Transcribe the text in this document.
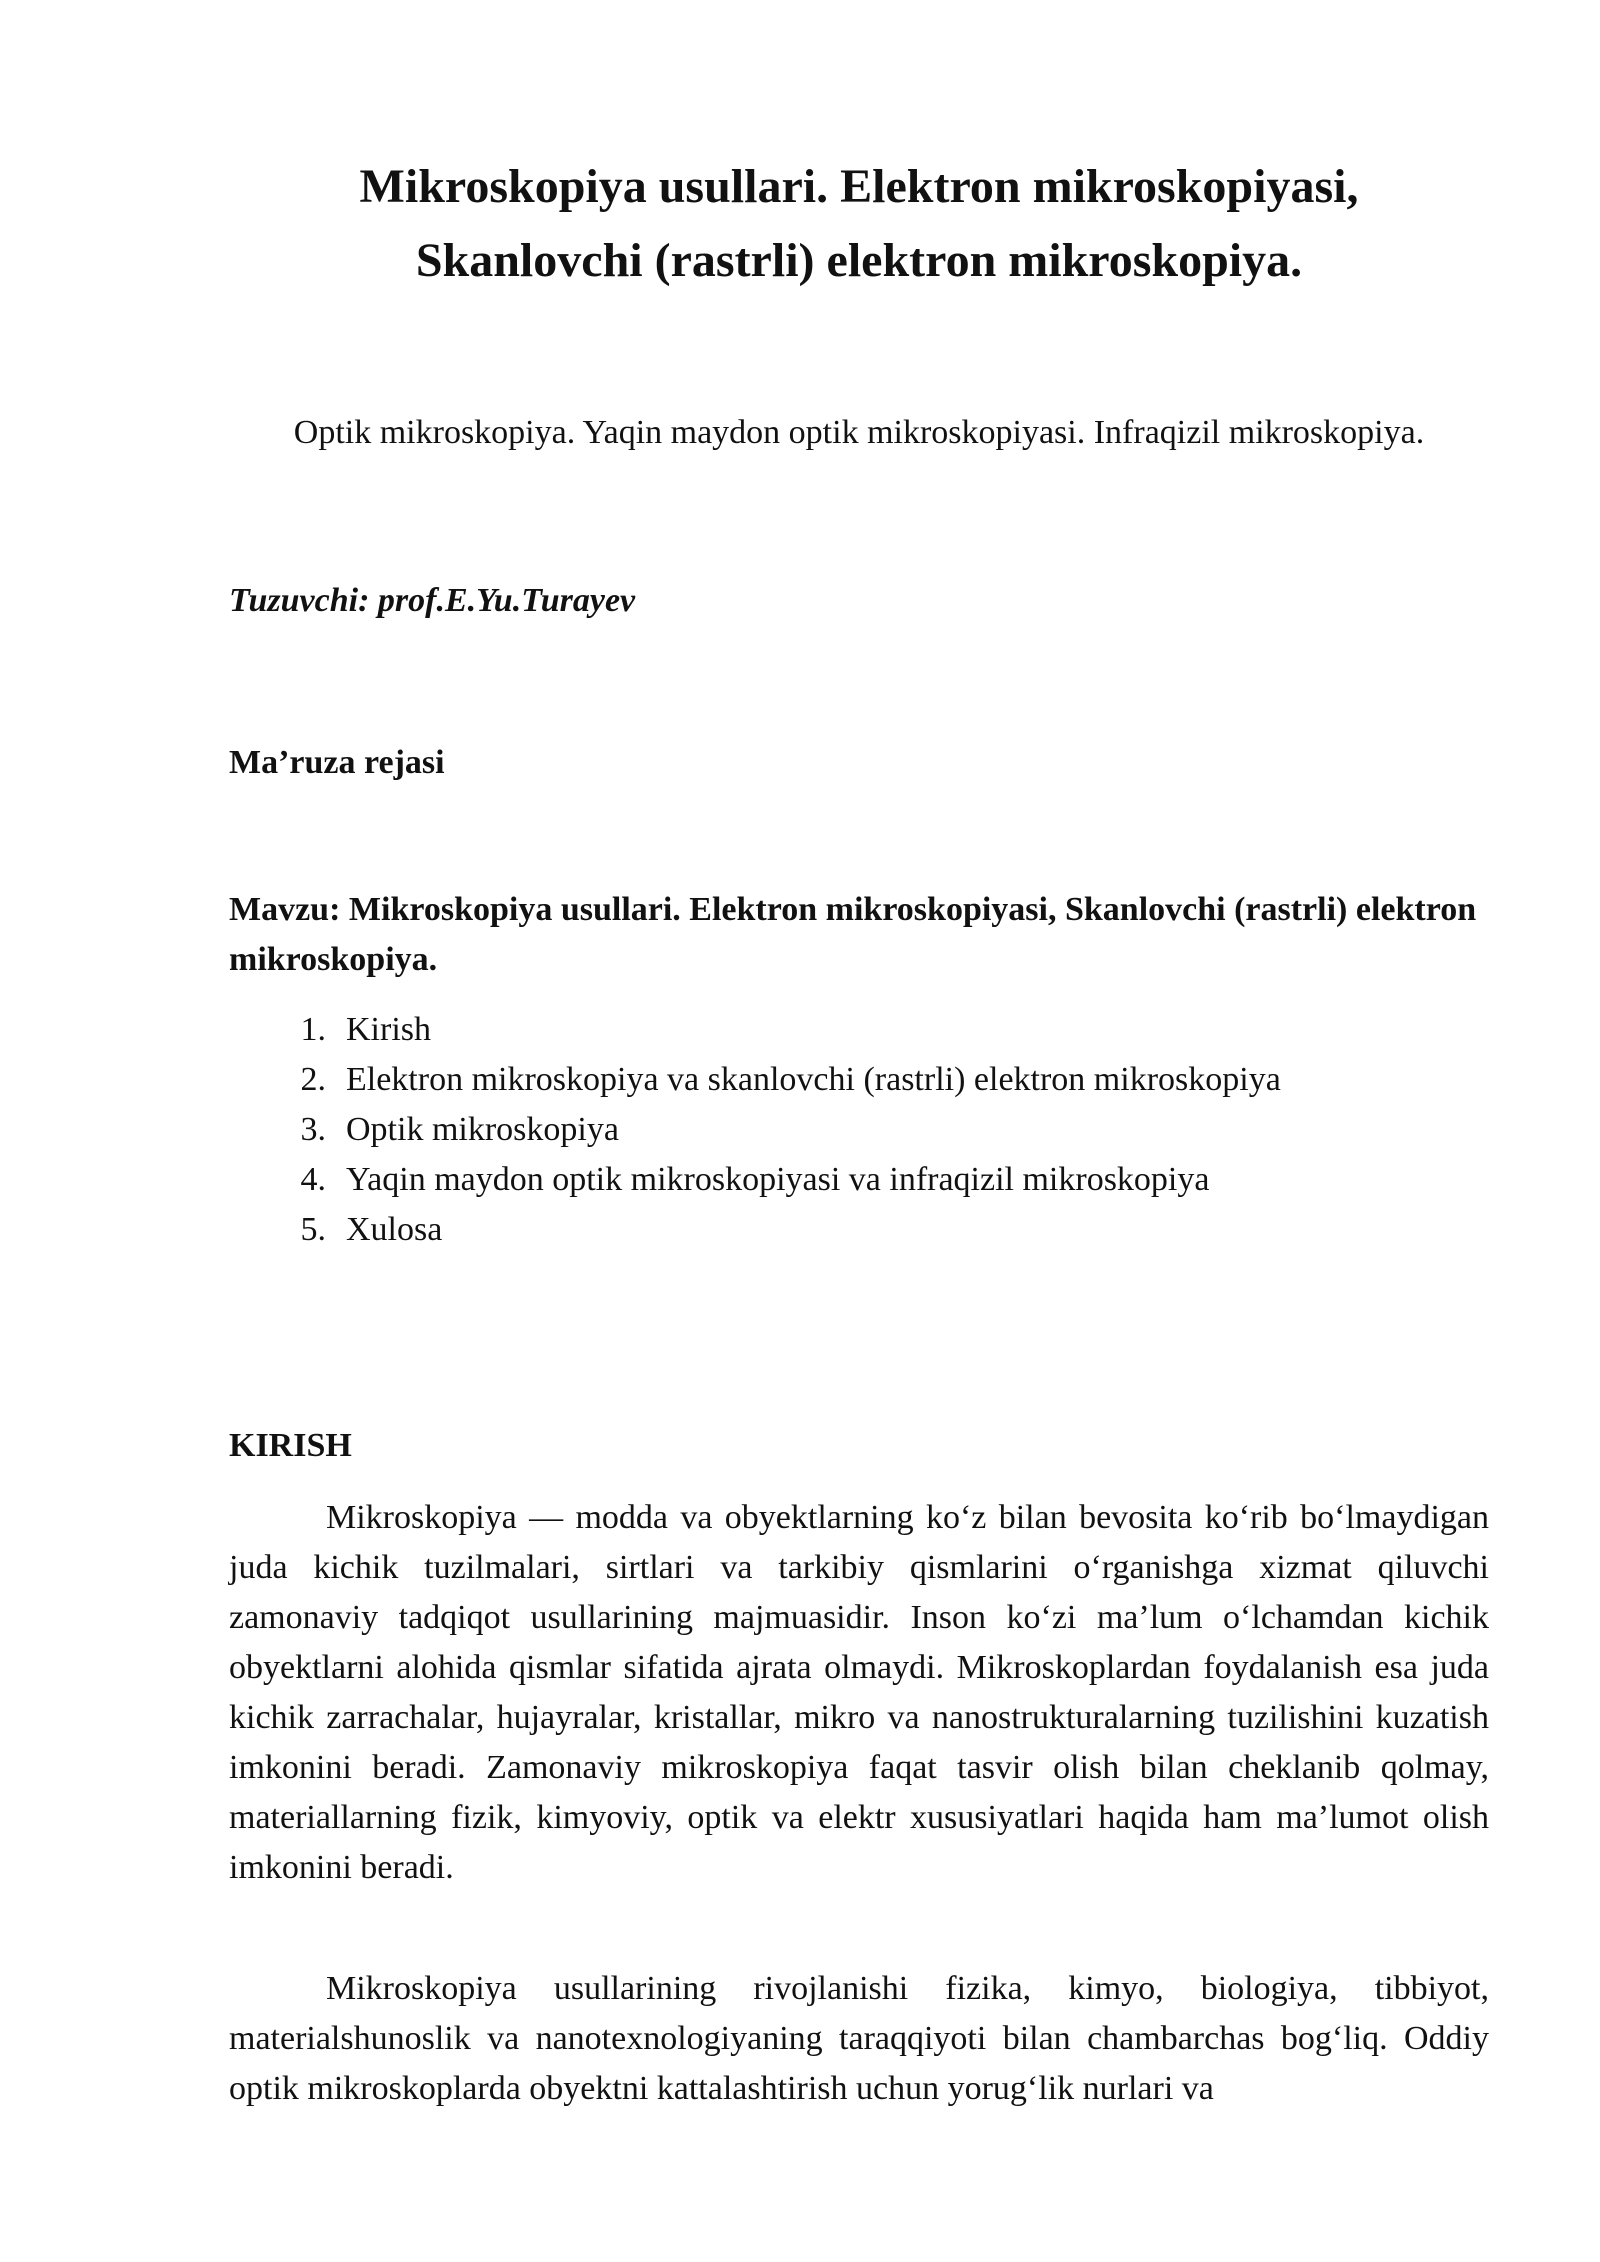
Mikroskopiya usullari. Elektron mikroskopiyasi,
Skanlovchi (rastrli) elektron mikroskopiya.

Optik mikroskopiya. Yaqin maydon optik mikroskopiyasi. Infraqizil mikroskopiya.

Tuzuvchi: prof.E.Yu.Turayev

Ma’ruza rejasi

Mavzu: Mikroskopiya usullari. Elektron mikroskopiyasi, Skanlovchi (rastrli) elektron mikroskopiya.

1. Kirish
2. Elektron mikroskopiya va skanlovchi (rastrli) elektron mikroskopiya
3. Optik mikroskopiya
4. Yaqin maydon optik mikroskopiyasi va infraqizil mikroskopiya
5. Xulosa

KIRISH

Mikroskopiya — modda va obyektlarning ko‘z bilan bevosita ko‘rib bo‘lmaydigan juda kichik tuzilmalari, sirtlari va tarkibiy qismlarini o‘rganishga xizmat qiluvchi zamonaviy tadqiqot usullarining majmuasidir. Inson ko‘zi ma’lum o‘lchamdan kichik obyektlarni alohida qismlar sifatida ajrata olmaydi. Mikroskoplardan foydalanish esa juda kichik zarrachalar, hujayralar, kristallar, mikro va nanostrukturalarning tuzilishini kuzatish imkonini beradi. Zamonaviy mikroskopiya faqat tasvir olish bilan cheklanib qolmay, materiallarning fizik, kimyoviy, optik va elektr xususiyatlari haqida ham ma’lumot olish imkonini beradi.

Mikroskopiya usullarining rivojlanishi fizika, kimyo, biologiya, tibbiyot, materialshunoslik va nanotexnologiyaning taraqqiyoti bilan chambarchas bog‘liq. Oddiy optik mikroskoplarda obyektni kattalashtirish uchun yorug‘lik nurlari va
